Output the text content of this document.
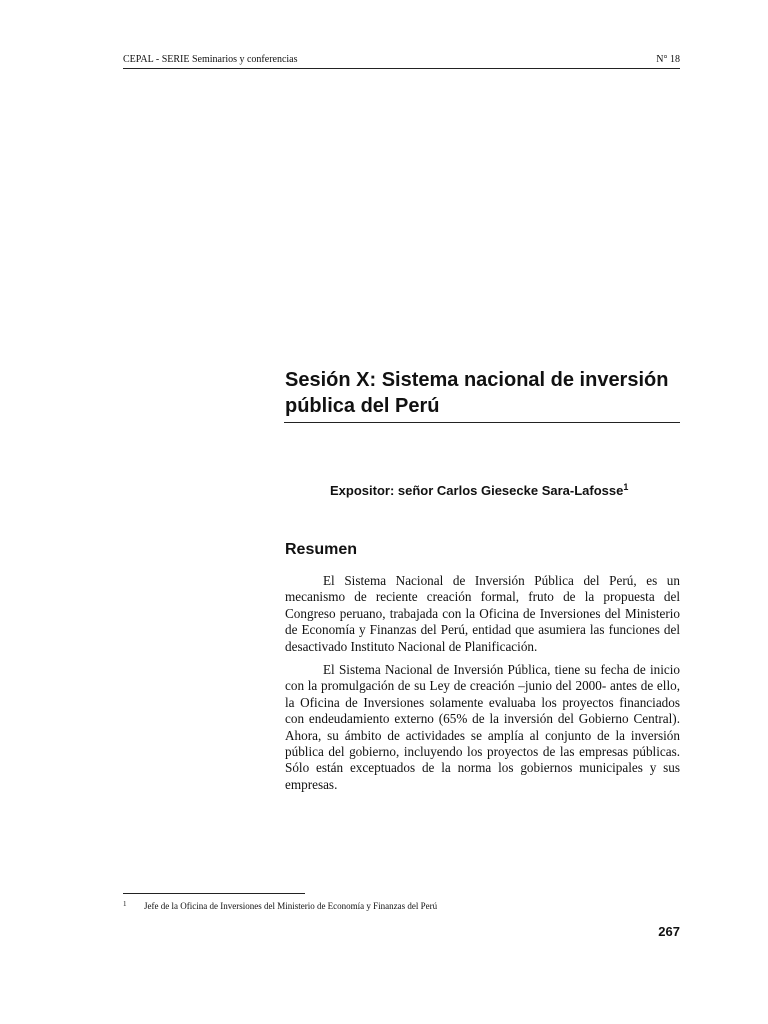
CEPAL - SERIE Seminarios y conferencias	N° 18
Sesión X: Sistema nacional de inversión pública del Perú
Expositor: señor Carlos Giesecke Sara-Lafosse$^1$
Resumen

El Sistema Nacional de Inversión Pública del Perú, es un mecanismo de reciente creación formal, fruto de la propuesta del Congreso peruano, trabajada con la Oficina de Inversiones del Ministerio de Economía y Finanzas del Perú, entidad que asumiera las funciones del desactivado Instituto Nacional de Planificación.

El Sistema Nacional de Inversión Pública, tiene su fecha de inicio con la promulgación de su Ley de creación –junio del 2000- antes de ello, la Oficina de Inversiones solamente evaluaba los proyectos financiados con endeudamiento externo (65% de la inversión del Gobierno Central). Ahora, su ámbito de actividades se amplía al conjunto de la inversión pública del gobierno, incluyendo los proyectos de las empresas públicas. Sólo están exceptuados de la norma los gobiernos municipales y sus empresas.

1 Jefe de la Oficina de Inversiones del Ministerio de Economía y Finanzas del Perú
267
